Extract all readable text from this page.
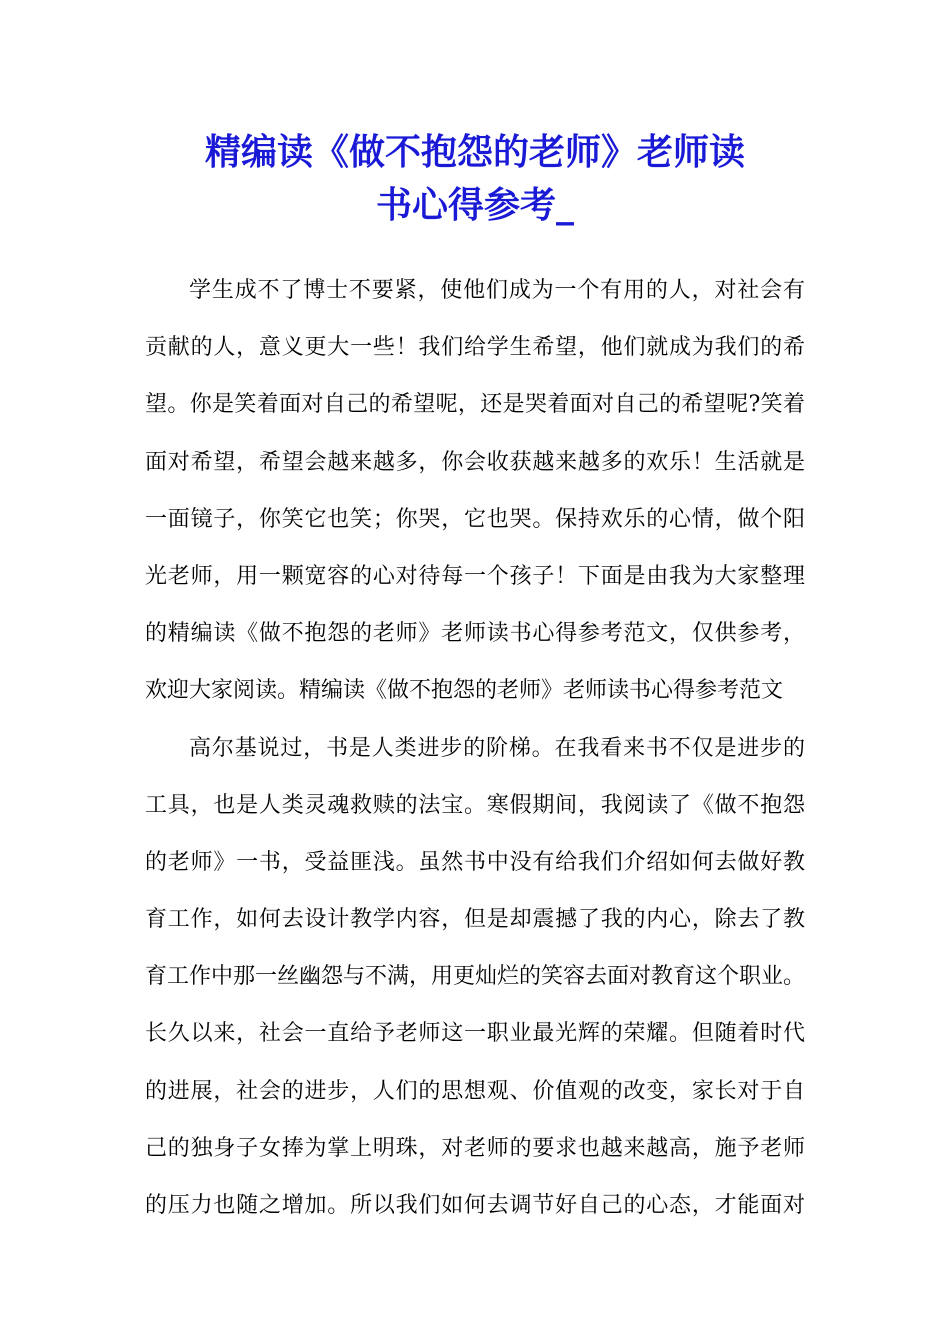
精编读《做不抱怨的老师》老师读
书心得参考_
学生成不了博士不要紧，使他们成为一个有用的人，对社会有
贡献的人，意义更大一些！我们给学生希望，他们就成为我们的希
望。你是笑着面对自己的希望呢，还是哭着面对自己的希望呢?笑着
面对希望，希望会越来越多，你会收获越来越多的欢乐！生活就是
一面镜子，你笑它也笑；你哭，它也哭。保持欢乐的心情，做个阳
光老师，用一颗宽容的心对待每一个孩子！下面是由我为大家整理
的精编读《做不抱怨的老师》老师读书心得参考范文，仅供参考，
欢迎大家阅读。精编读《做不抱怨的老师》老师读书心得参考范文
高尔基说过，书是人类进步的阶梯。在我看来书不仅是进步的
工具，也是人类灵魂救赎的法宝。寒假期间，我阅读了《做不抱怨
的老师》一书，受益匪浅。虽然书中没有给我们介绍如何去做好教
育工作，如何去设计教学内容，但是却震撼了我的内心，除去了教
育工作中那一丝幽怨与不满，用更灿烂的笑容去面对教育这个职业。
长久以来，社会一直给予老师这一职业最光辉的荣耀。但随着时代
的进展，社会的进步，人们的思想观、价值观的改变，家长对于自
己的独身子女捧为掌上明珠，对老师的要求也越来越高，施予老师
的压力也随之增加。所以我们如何去调节好自己的心态，才能面对
